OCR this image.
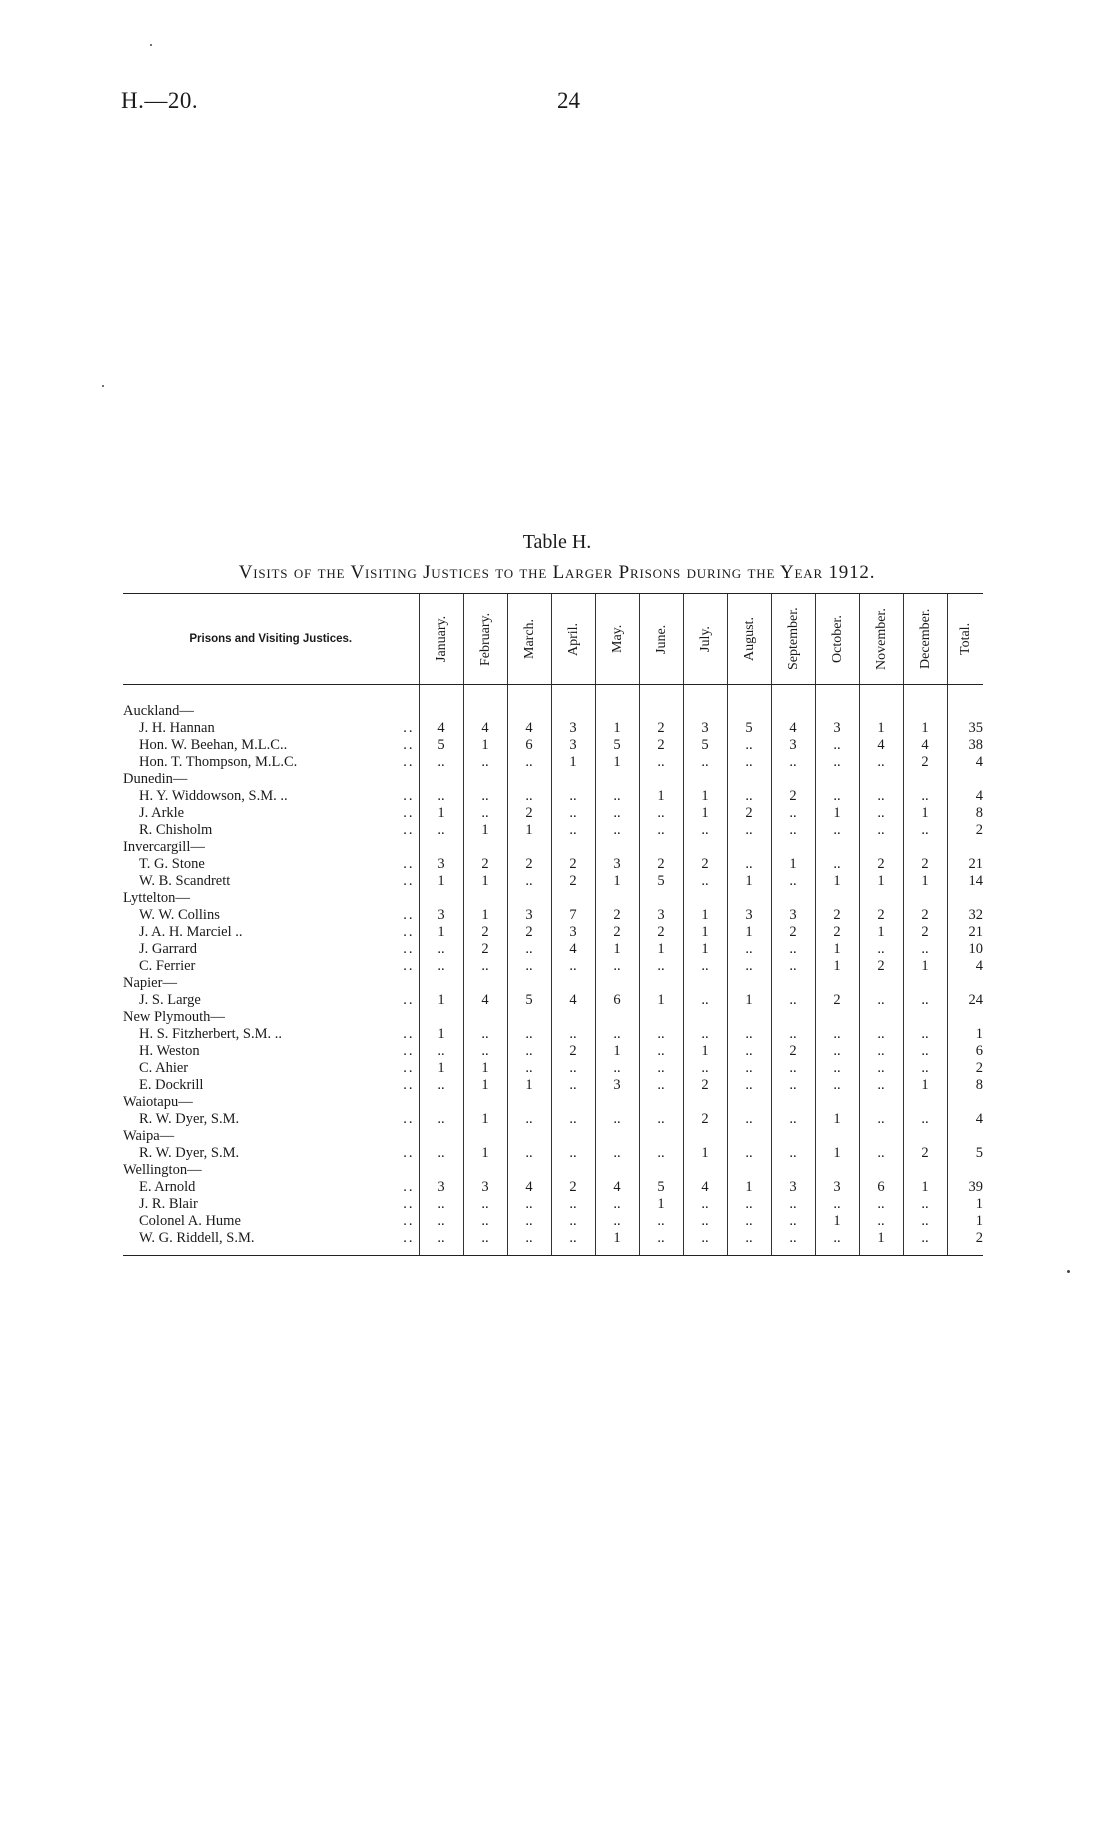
H.—20.	24
Table H.
Visits of the Visiting Justices to the Larger Prisons during the Year 1912.
Prisons and Visiting Justices.	January.	February.	March.	April.	May.	June.	July.	August.	September.	October.	November.	December.	Total.

Auckland—													

..
J. H. Hannan	4	4	4	3	1	2	3	5	4	3	1	1	35

..
Hon. W. Beehan, M.L.C..	5	1	6	3	5	2	5	..	3	..	4	4	38

..
Hon. T. Thompson, M.L.C.	..	..	..	1	1	..	..	..	..	..	..	2	4
Dunedin—													

..
H. Y. Widdowson, S.M. ..	..	..	..	..	..	1	1	..	2	..	..	..	4

..
J. Arkle	1	..	2	..	..	..	1	2	..	1	..	1	8

..
R. Chisholm	..	1	1	..	..	..	..	..	..	..	..	..	2
Invercargill—													

..
T. G. Stone	3	2	2	2	3	2	2	..	1	..	2	2	21

..
W. B. Scandrett	1	1	..	2	1	5	..	1	..	1	1	1	14
Lyttelton—													

..
W. W. Collins	3	1	3	7	2	3	1	3	3	2	2	2	32

..
J. A. H. Marciel ..	1	2	2	3	2	2	1	1	2	2	1	2	21

..
J. Garrard	..	2	..	4	1	1	1	..	..	1	..	..	10

..
C. Ferrier	..	..	..	..	..	..	..	..	..	1	2	1	4
Napier—													

..
J. S. Large	1	4	5	4	6	1	..	1	..	2	..	..	24
New Plymouth—													

..
H. S. Fitzherbert, S.M. ..	1	..	..	..	..	..	..	..	..	..	..	..	1

..
H. Weston	..	..	..	2	1	..	1	..	2	..	..	..	6

..
C. Ahier	1	1	..	..	..	..	..	..	..	..	..	..	2

..
E. Dockrill	..	1	1	..	3	..	2	..	..	..	..	1	8
Waiotapu—													

..
R. W. Dyer, S.M.	..	1	..	..	..	..	2	..	..	1	..	..	4
Waipa—													

..
R. W. Dyer, S.M.	..	1	..	..	..	..	1	..	..	1	..	2	5
Wellington—													

..
E. Arnold	3	3	4	2	4	5	4	1	3	3	6	1	39

..
J. R. Blair	..	..	..	..	..	1	..	..	..	..	..	..	1

..
Colonel A. Hume	..	..	..	..	..	..	..	..	..	1	..	..	1

..
W. G. Riddell, S.M.	..	..	..	..	1	..	..	..	..	..	1	..	2
